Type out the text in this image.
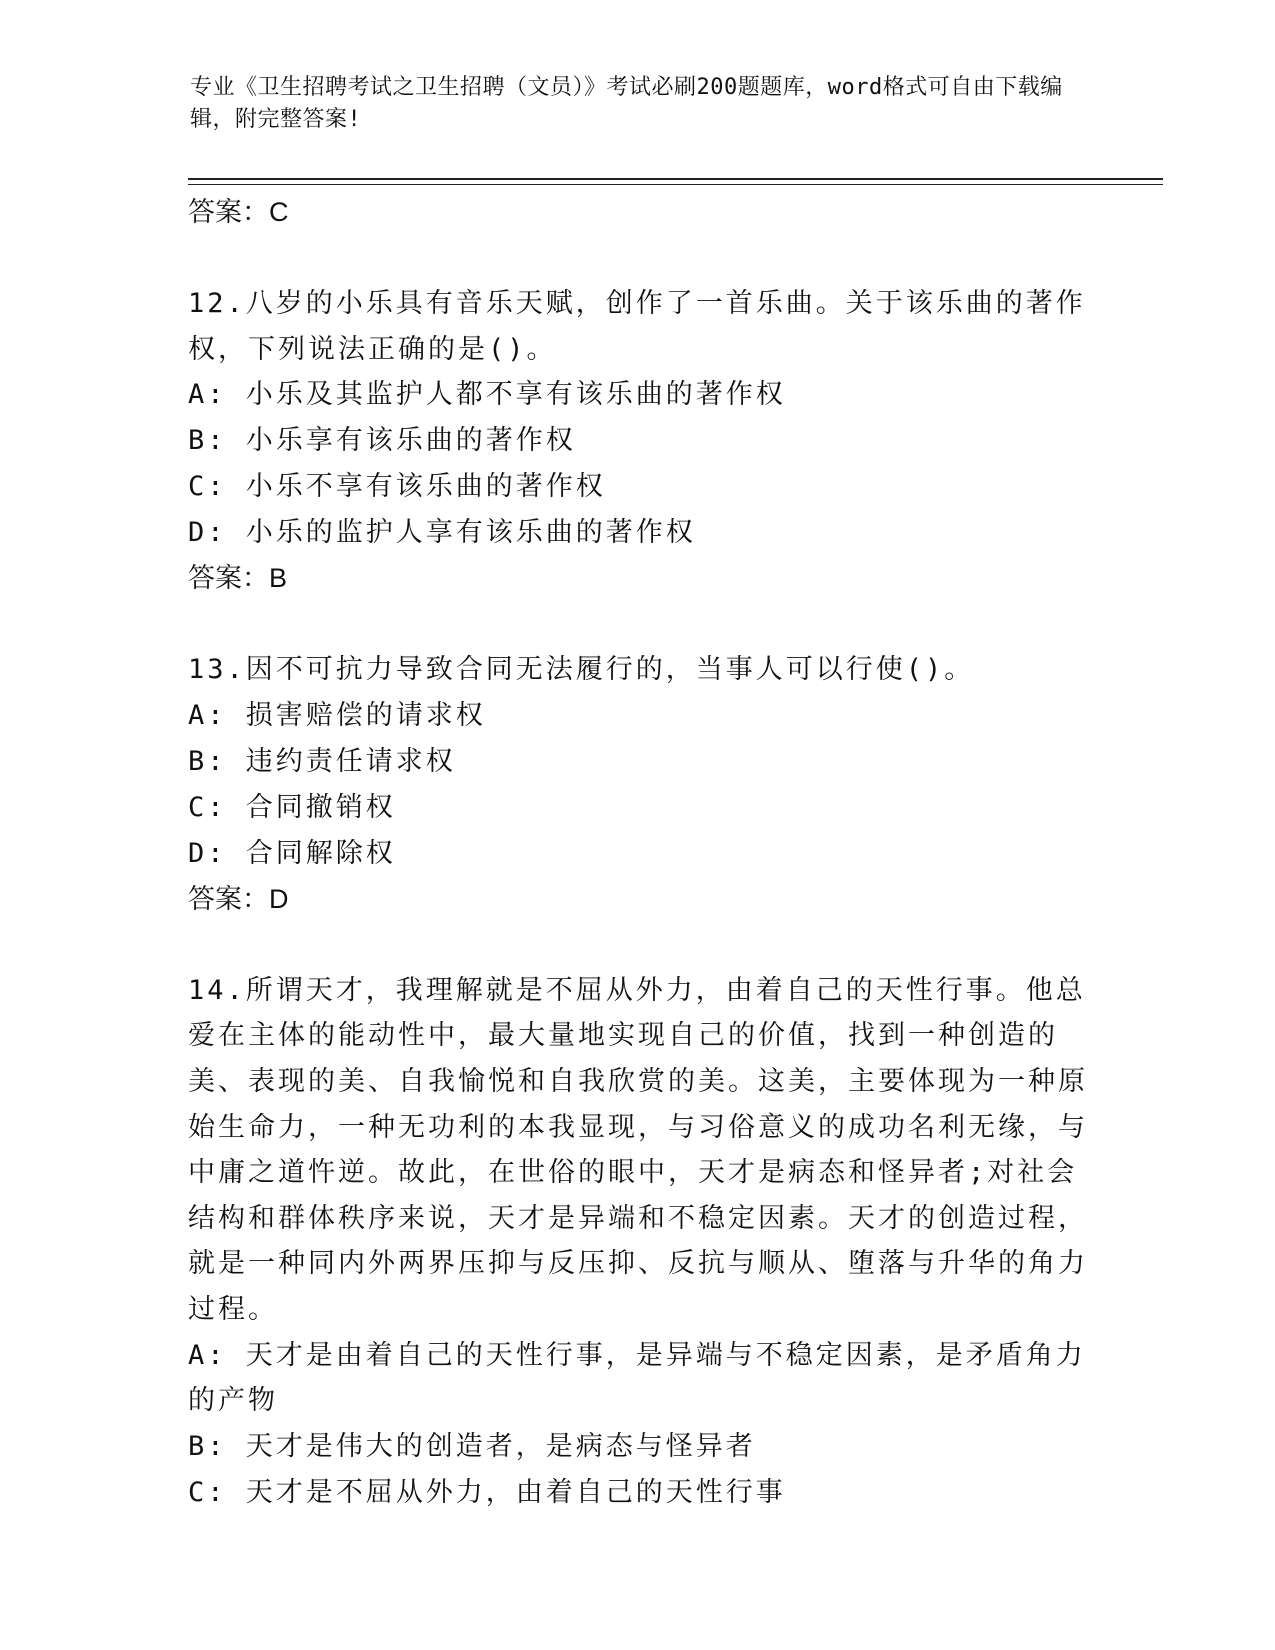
专业《卫生招聘考试之卫生招聘（文员）》考试必刷200题题库，word格式可自由下载编辑，附完整答案!
答案：C
12.八岁的小乐具有音乐天赋，创作了一首乐曲。关于该乐曲的著作权，下列说法正确的是()。
A: 小乐及其监护人都不享有该乐曲的著作权
B: 小乐享有该乐曲的著作权
C: 小乐不享有该乐曲的著作权
D: 小乐的监护人享有该乐曲的著作权
答案：B
13.因不可抗力导致合同无法履行的，当事人可以行使()。
A: 损害赔偿的请求权
B: 违约责任请求权
C: 合同撤销权
D: 合同解除权
答案：D
14.所谓天才，我理解就是不屈从外力，由着自己的天性行事。他总爱在主体的能动性中，最大量地实现自己的价值，找到一种创造的美、表现的美、自我愉悦和自我欣赏的美。这美，主要体现为一种原始生命力，一种无功利的本我显现，与习俗意义的成功名利无缘，与中庸之道忤逆。故此，在世俗的眼中，天才是病态和怪异者;对社会结构和群体秩序来说，天才是异端和不稳定因素。天才的创造过程，就是一种同内外两界压抑与反压抑、反抗与顺从、堕落与升华的角力过程。
A: 天才是由着自己的天性行事，是异端与不稳定因素，是矛盾角力的产物
B: 天才是伟大的创造者，是病态与怪异者
C: 天才是不屈从外力，由着自己的天性行事
